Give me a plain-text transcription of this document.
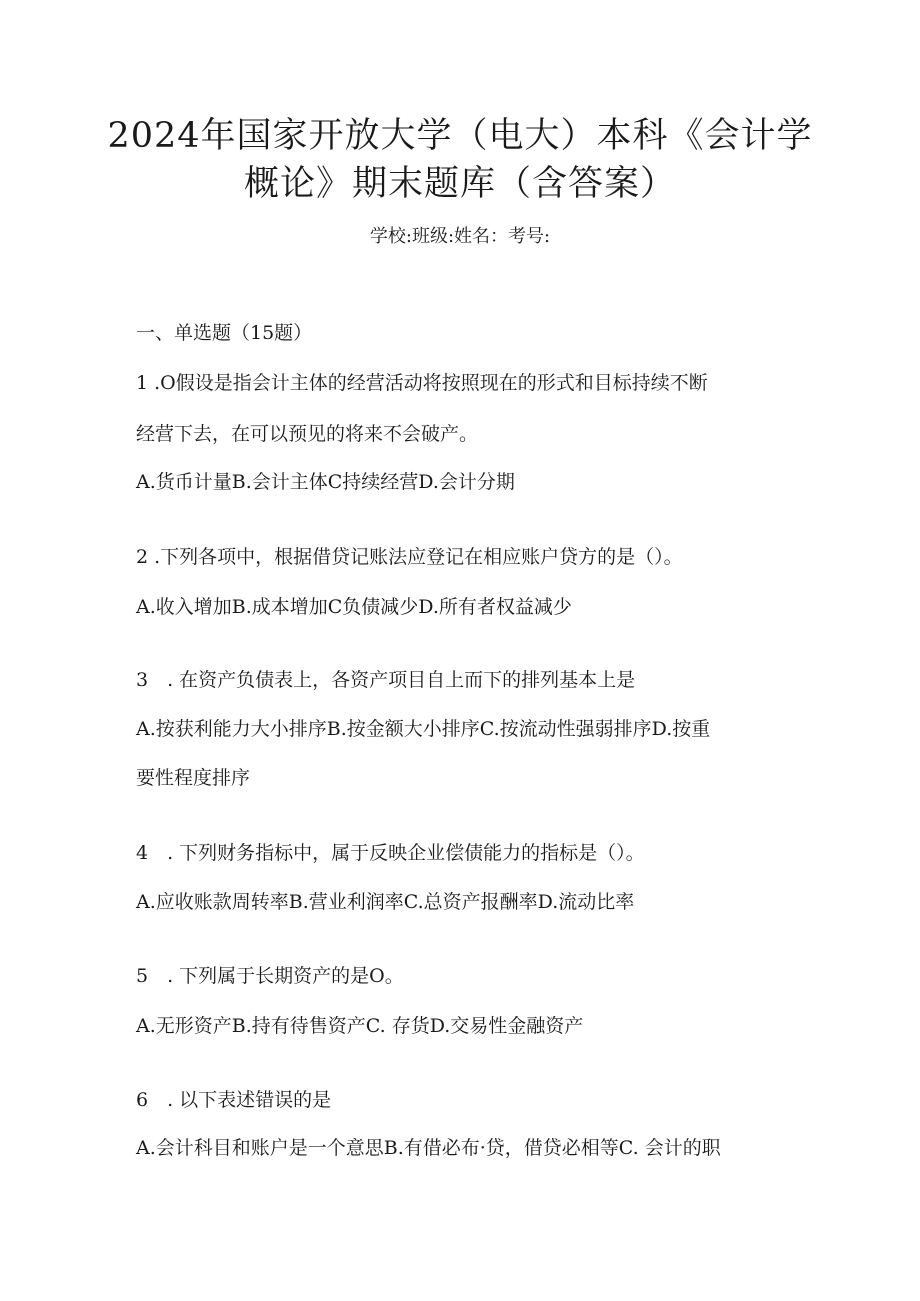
2024年国家开放大学（电大）本科《会计学
概论》期末题库（含答案）
学校:班级:姓名：考号:
一、单选题（15题）
1 .O假设是指会计主体的经营活动将按照现在的形式和目标持续不断
经营下去，在可以预见的将来不会破产。
A.货币计量B.会计主体C持续经营D.会计分期
2 .下列各项中，根据借贷记账法应登记在相应账户贷方的是（）。
A.收入增加B.成本增加C负债减少D.所有者权益减少
3　. 在资产负债表上，各资产项目自上而下的排列基本上是
A.按获利能力大小排序B.按金额大小排序C.按流动性强弱排序D.按重
要性程度排序
4　. 下列财务指标中，属于反映企业偿债能力的指标是（）。
A.应收账款周转率B.营业利润率C.总资产报酬率D.流动比率
5　. 下列属于长期资产的是O。
A.无形资产B.持有待售资产C. 存货D.交易性金融资产
6　. 以下表述错误的是
A.会计科目和账户是一个意思B.有借必布·贷，借贷必相等C. 会计的职
